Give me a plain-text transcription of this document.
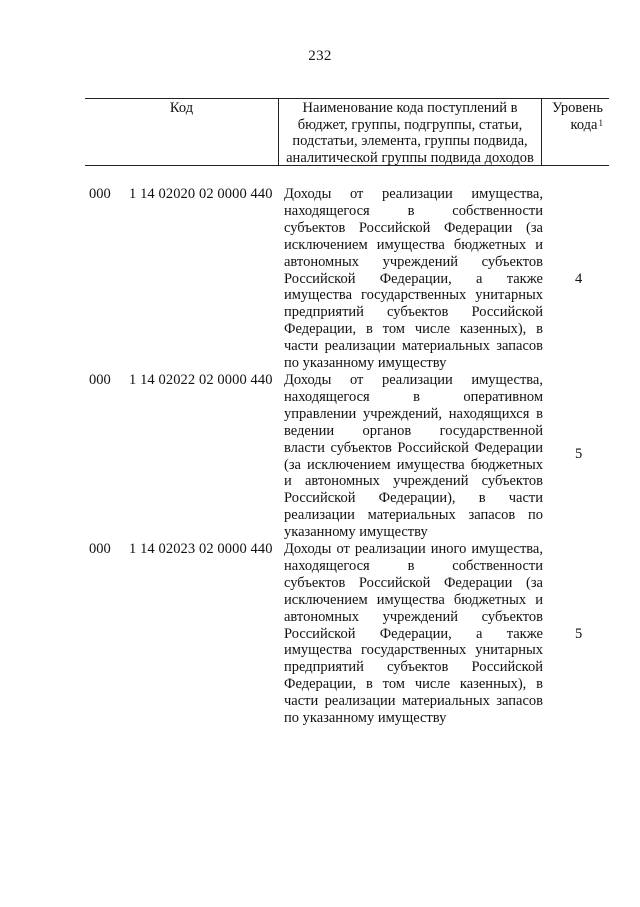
232
Код	Наименование кода поступлений в
бюджет, группы, подгруппы, статьи,
подстатьи, элемента, группы подвида,
аналитической группы подвида доходов
Уровень
кода$^1$
000 1 14 02020 02 0000 440 Доходы от реализации имущества,
находящегося в собственности
субъектов Российской Федерации (за
исключением имущества бюджетных и
автономных учреждений субъектов
Российской Федерации, а также
имущества государственных унитарных
предприятий субъектов Российской
Федерации, в том числе казенных), в
части реализации материальных запасов
по указанному имуществу
4
000 1 14 02022 02 0000 440 Доходы от реализации имущества,
находящегося в оперативном
управлении учреждений, находящихся в
ведении органов государственной
власти субъектов Российской Федерации
(за исключением имущества бюджетных
и автономных учреждений субъектов
Российской Федерации), в части
реализации материальных запасов по
указанному имуществу
5
000 1 14 02023 02 0000 440 Доходы от реализации иного имущества,
находящегося в собственности
субъектов Российской Федерации (за
исключением имущества бюджетных и
автономных учреждений субъектов
Российской Федерации, а также
имущества государственных унитарных
предприятий субъектов Российской
Федерации, в том числе казенных), в
части реализации материальных запасов
по указанному имуществу
5
